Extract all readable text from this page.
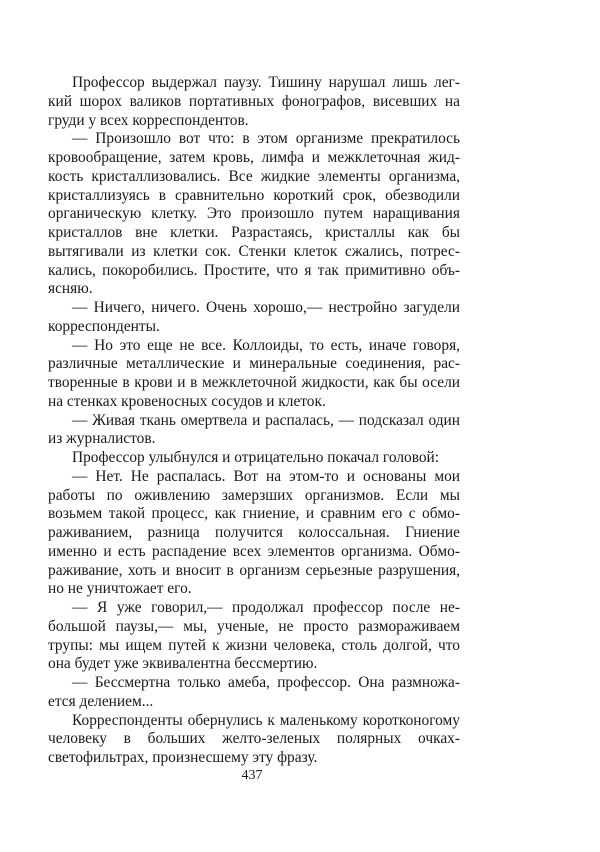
Профессор выдержал паузу. Тишину нарушал лишь легкий шорох валиков портативных фонографов, висевших на груди у всех корреспондентов.

— Произошло вот что: в этом организме прекратилось кровообращение, затем кровь, лимфа и межклеточная жидкость кристаллизовались. Все жидкие элементы организма, кристаллизуясь в сравнительно короткий срок, обезводили органическую клетку. Это произошло путем наращивания кристаллов вне клетки. Разрастаясь, кристаллы как бы вытягивали из клетки сок. Стенки клеток сжались, потрескались, покоробились. Простите, что я так примитивно объясняю.

— Ничего, ничего. Очень хорошо,— нестройно загудели корреспонденты.

— Но это еще не все. Коллоиды, то есть, иначе говоря, различные металлические и минеральные соединения, растворенные в крови и в межклеточной жидкости, как бы осели на стенках кровеносных сосудов и клеток.

— Живая ткань омертвела и распалась, — подсказал один из журналистов.

Профессор улыбнулся и отрицательно покачал головой:

— Нет. Не распалась. Вот на этом-то и основаны мои работы по оживлению замерзших организмов. Если мы возьмем такой процесс, как гниение, и сравним его с обмораживанием, разница получится колоссальная. Гниение именно и есть распадение всех элементов организма. Обмораживание, хоть и вносит в организм серьезные разрушения, но не уничтожает его.

— Я уже говорил,— продолжал профессор после небольшой паузы,— мы, ученые, не просто размораживаем трупы: мы ищем путей к жизни человека, столь долгой, что она будет уже эквивалентна бессмертию.

— Бессмертна только амеба, профессор. Она размножается делением...

Корреспонденты обернулись к маленькому коротконогому человеку в больших желто-зеленых полярных очкахсветофильтрах, произнесшему эту фразу.

437
